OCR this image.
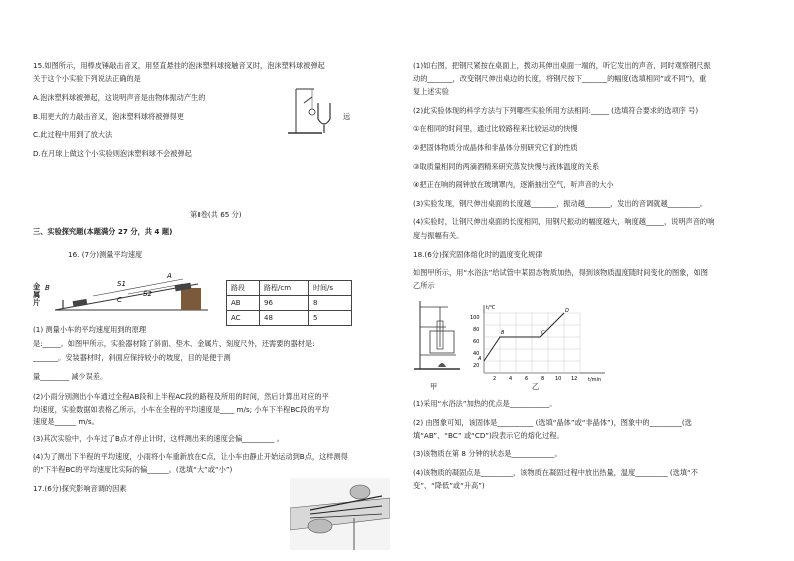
15.如图所示，用棒皮锤敲击音叉，用竖直悬挂的泡沫塑料球接触音叉时，泡沫塑料球被弹起
关于这个小实验下列说法正确的是
A.泡沫塑料球被弹起，这说明声音是由物体振动产生的
B.用更大的力敲击音叉，泡沫塑料球将被弹得更	远
C.此过程中用到了放大法
D.在月球上做这个小实验则泡沫塑料球不会被弹起
第Ⅱ卷(共 65 分)
三、实验探究题(本题满分 27 分，共 4 题)
16. (7分)测量平均速度
A
B
C
S1
S2
金属片
路段	路程/cm	时间/s
AB	96	8
AC	48	5
(1) 测量小车的平均速度用到的原理
是:_____。如图甲所示，实验器材除了斜面、垫木、金属片、刻度尺外，还需要的器材是:
_______。安装器材时，斜面应保持较小的坡度，目的是便于测
量________ 减少误差。
(2)小雨分别测出小车通过全程AB段和上半程AC段的路程及所用的时间，然后计算出对应的平
均速度，实验数据如表格乙所示，小车在全程的平均速度是____ m/s; 小车下半程BC段的平均
速度是______ m/s。
(3)其次实验中，小车过了B点才停止计时，这样测出来的速度会偏_________ 。
(4)为了测出下半程的平均速度，小雨将小车重新放在C点，让小车由静止开始运动到B点，这样测得
的“下半程BC的平均速度比实际的偏______。(选填“大”或“小”)
17.(6分)探究影响音调的因素
(1)如右图，把钢尺紧按在桌面上，拨动其伸出桌面一端的，听它发出的声音，同时观察钢尺振
动的_______，改变钢尺伸出桌边的长度，将钢尺按下_______的幅度(选填相同”或不同”)，重
复上述实验
(2)此实验体现的科学方法与下列哪些实验所用方法相同:_____ (选填符合要求的选项序 号)
①在相同的时间里，通过比较路程来比较运动的快慢
②把固体物质分成晶体和非晶体分别研究它们的性质
③取质量相同的两滴酒精来研究蒸发快慢与液体温度的关系
④把正在响的闹钟放在玻璃罩内，逐渐抽出空气，听声音的大小
(3)实验发现，钢尺伸出桌面的长度越_______，振动越_______，发出的音调就越_________。
(4)实验时，让钢尺伸出桌面的长度相同，用钢尺振动的幅度越大，响度越_____，说明声音的响
度与振幅有关。
18.(6分)探究固体熔化时的温度变化规律
如图甲所示，用“水浴法”给试管中某固态物质加热，得到该物质温度随时间变化的图象，如图
乙所示
甲
t/℃
t/min
100
80
60
40
20
2	4	6	8 10 12
A
B	C
D
乙
(1)采用“水浴法”加热的优点是___________。
(2) 由图象可知，该固体是__________ (选填“晶体”或“非晶体”)，图象中的_________(选
填“AB”、“BC” 或“CD”)段表示它的熔化过程。
(3)该物质在第 8 分钟的状态是____________。
(4)该物质的凝固点是_________，该物质在凝固过程中放出热量，温度_________ (选填“不
变”、“降低”或“升高”)
